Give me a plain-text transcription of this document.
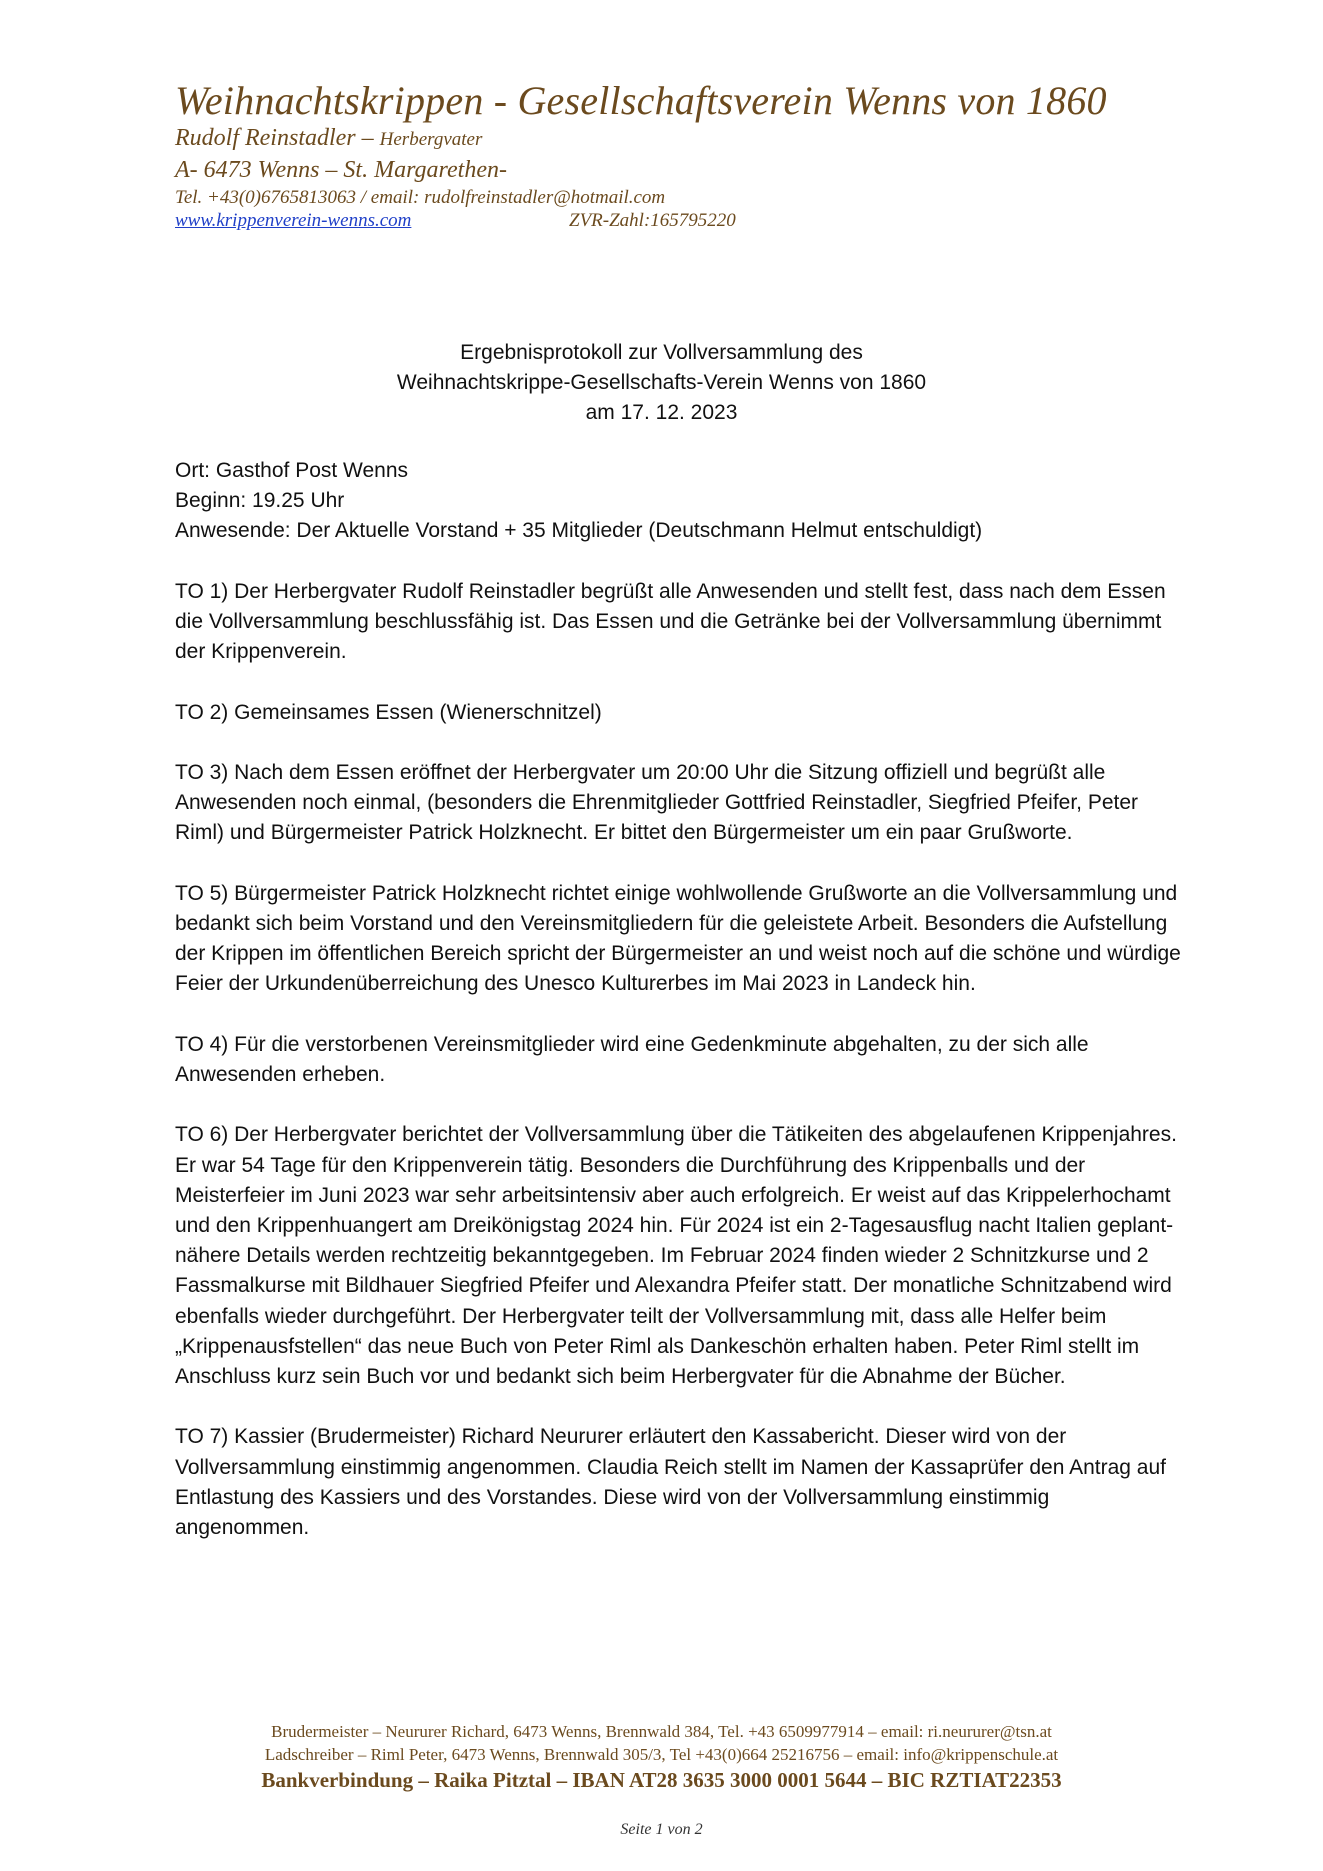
Weihnachtskrippen - Gesellschaftsverein Wenns von 1860
Rudolf Reinstadler – Herbergvater
A- 6473 Wenns – St. Margarethen-
Tel. +43(0)6765813063 / email: rudolfreinstadler@hotmail.com
www.krippenverein-wenns.com	ZVR-Zahl:165795220
Ergebnisprotokoll zur Vollversammlung des
Weihnachtskrippe-Gesellschafts-Verein Wenns von 1860
am 17. 12. 2023
Ort: Gasthof Post Wenns
Beginn: 19.25 Uhr
Anwesende: Der Aktuelle Vorstand + 35 Mitglieder (Deutschmann Helmut entschuldigt)

TO 1) Der Herbergvater Rudolf Reinstadler begrüßt alle Anwesenden und stellt fest, dass nach dem Essen die Vollversammlung beschlussfähig ist. Das Essen und die Getränke bei der Vollversammlung übernimmt der Krippenverein.

TO 2) Gemeinsames Essen (Wienerschnitzel)

TO 3) Nach dem Essen eröffnet der Herbergvater um 20:00 Uhr die Sitzung offiziell und begrüßt alle Anwesenden noch einmal, (besonders die Ehrenmitglieder Gottfried Reinstadler, Siegfried Pfeifer, Peter Riml) und Bürgermeister Patrick Holzknecht. Er bittet den Bürgermeister um ein paar Grußworte.

TO 5) Bürgermeister Patrick Holzknecht richtet einige wohlwollende Grußworte an die Vollversammlung und bedankt sich beim Vorstand und den Vereinsmitgliedern für die geleistete Arbeit. Besonders die Aufstellung der Krippen im öffentlichen Bereich spricht der Bürgermeister an und weist noch auf die schöne und würdige Feier der Urkundenüberreichung des Unesco Kulturerbes im Mai 2023 in Landeck hin.

TO 4) Für die verstorbenen Vereinsmitglieder wird eine Gedenkminute abgehalten, zu der sich alle Anwesenden erheben.

TO 6) Der Herbergvater berichtet der Vollversammlung über die Tätikeiten des abgelaufenen Krippenjahres. Er war 54 Tage für den Krippenverein tätig. Besonders die Durchführung des Krippenballs und der Meisterfeier im Juni 2023 war sehr arbeitsintensiv aber auch erfolgreich. Er weist auf das Krippelerhochamt und den Krippenhuangert am Dreikönigstag 2024 hin. Für 2024 ist ein 2-Tagesausflug nacht Italien geplant- nähere Details werden rechtzeitig bekanntgegeben. Im Februar 2024 finden wieder 2 Schnitzkurse und 2 Fassmalkurse mit Bildhauer Siegfried Pfeifer und Alexandra Pfeifer statt. Der monatliche Schnitzabend wird ebenfalls wieder durchgeführt. Der Herbergvater teilt der Vollversammlung mit, dass alle Helfer beim „Krippenausfstellen“ das neue Buch von Peter Riml als Dankeschön erhalten haben. Peter Riml stellt im Anschluss kurz sein Buch vor und bedankt sich beim Herbergvater für die Abnahme der Bücher.

TO 7) Kassier (Brudermeister) Richard Neururer erläutert den Kassabericht. Dieser wird von der Vollversammlung einstimmig angenommen. Claudia Reich stellt im Namen der Kassaprüfer den Antrag auf Entlastung des Kassiers und des Vorstandes. Diese wird von der Vollversammlung einstimmig angenommen.

Brudermeister – Neururer Richard, 6473 Wenns, Brennwald 384, Tel. +43 6509977914 – email: ri.neururer@tsn.at
Ladschreiber – Riml Peter, 6473 Wenns, Brennwald 305/3, Tel +43(0)664 25216756 – email: info@krippenschule.at
Bankverbindung – Raika Pitztal – IBAN AT28 3635 3000 0001 5644 – BIC RZTIAT22353
Seite 1 von 2
